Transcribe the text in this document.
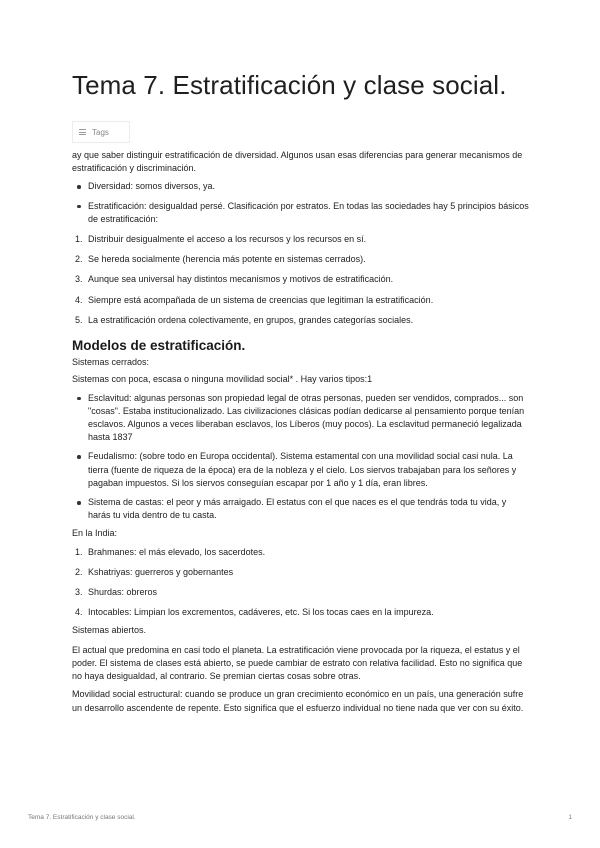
Tema 7. Estratificación y clase social.
Tags

ay que saber distinguir estratificación de diversidad. Algunos usan esas diferencias para generar mecanismos de estratificación y discriminación.

Diversidad: somos diversos, ya.
Estratificación: desigualdad persé. Clasificación por estratos. En todas las sociedades hay 5 principios básicos de estratificación:
1. Distribuir desigualmente el acceso a los recursos y los recursos en sí.
2. Se hereda socialmente (herencia más potente en sistemas cerrados).
3. Aunque sea universal hay distintos mecanismos y motivos de estratificación.
4. Siempre está acompañada de un sistema de creencias que legitiman la estratificación.
5. La estratificación ordena colectivamente, en grupos, grandes categorías sociales.
Modelos de estratificación.

Sistemas cerrados:

Sistemas con poca, escasa o ninguna movilidad social* . Hay varios tipos:1

Esclavitud: algunas personas son propiedad legal de otras personas, pueden ser vendidos, comprados... son "cosas". Estaba institucionalizado. Las civilizaciones clásicas podían dedicarse al pensamiento porque tenían esclavos. Algunos a veces liberaban esclavos, los Líberos (muy pocos). La esclavitud permaneció legalizada hasta 1837
Feudalismo: (sobre todo en Europa occidental). Sistema estamental con una movilidad social casi nula. La tierra (fuente de riqueza de la época) era de la nobleza y el cielo. Los siervos trabajaban para los señores y pagaban impuestos. Si los siervos conseguían escapar por 1 año y 1 día, eran libres.
Sistema de castas: el peor y más arraigado. El estatus con el que naces es el que tendrás toda tu vida, y harás tu vida dentro de tu casta.

En la India:

1. Brahmanes: el más elevado, los sacerdotes.
2. Kshatriyas: guerreros y gobernantes
3. Shurdas: obreros
4. Intocables: Limpian los excrementos, cadáveres, etc. Si los tocas caes en la impureza.

Sistemas abiertos.

El actual que predomina en casi todo el planeta. La estratificación viene provocada por la riqueza, el estatus y el poder. El sistema de clases está abierto, se puede cambiar de estrato con relativa facilidad. Esto no significa que no haya desigualdad, al contrario. Se premian ciertas cosas sobre otras.

Movilidad social estructural: cuando se produce un gran crecimiento económico en un país, una generación sufre un desarrollo ascendente de repente. Esto significa que el esfuerzo individual no tiene nada que ver con su éxito.

Tema 7. Estratificación y clase social.	1
